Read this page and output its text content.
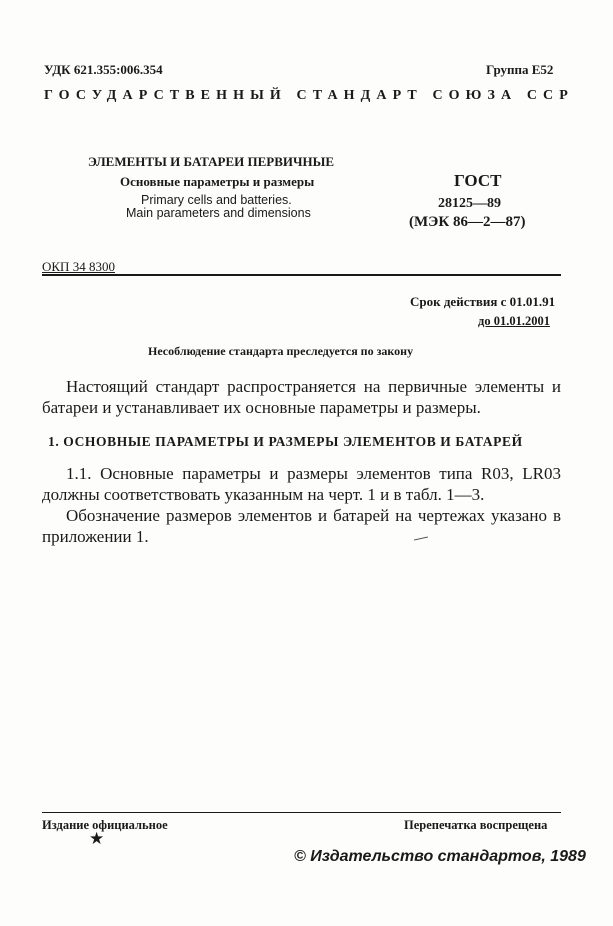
УДК 621.355:006.354	Группа Е52
ГОСУДАРСТВЕННЫЙ СТАНДАРТ СОЮЗА ССР
ЭЛЕМЕНТЫ И БАТАРЕИ ПЕРВИЧНЫЕ
Основные параметры и размеры
Primary cells and batteries.
Main parameters and dimensions
ГОСТ
28125—89
(МЭК 86—2—87)
ОКП 34 8300
Срок действия с 01.01.91
до 01.01.2001
Несоблюдение стандарта преследуется по закону

Настоящий стандарт распространяется на первичные элементы и батареи и устанавливает их основные параметры и размеры.

1. ОСНОВНЫЕ ПАРАМЕТРЫ И РАЗМЕРЫ ЭЛЕМЕНТОВ И БАТАРЕЙ

1.1. Основные параметры и размеры элементов типа R03, LR03 должны соответствовать указанным на черт. 1 и в табл. 1—3.

Обозначение размеров элементов и батарей на чертежах указано в приложении 1.

Издание официальное
★
Перепечатка воспрещена
© Издательство стандартов, 1989
